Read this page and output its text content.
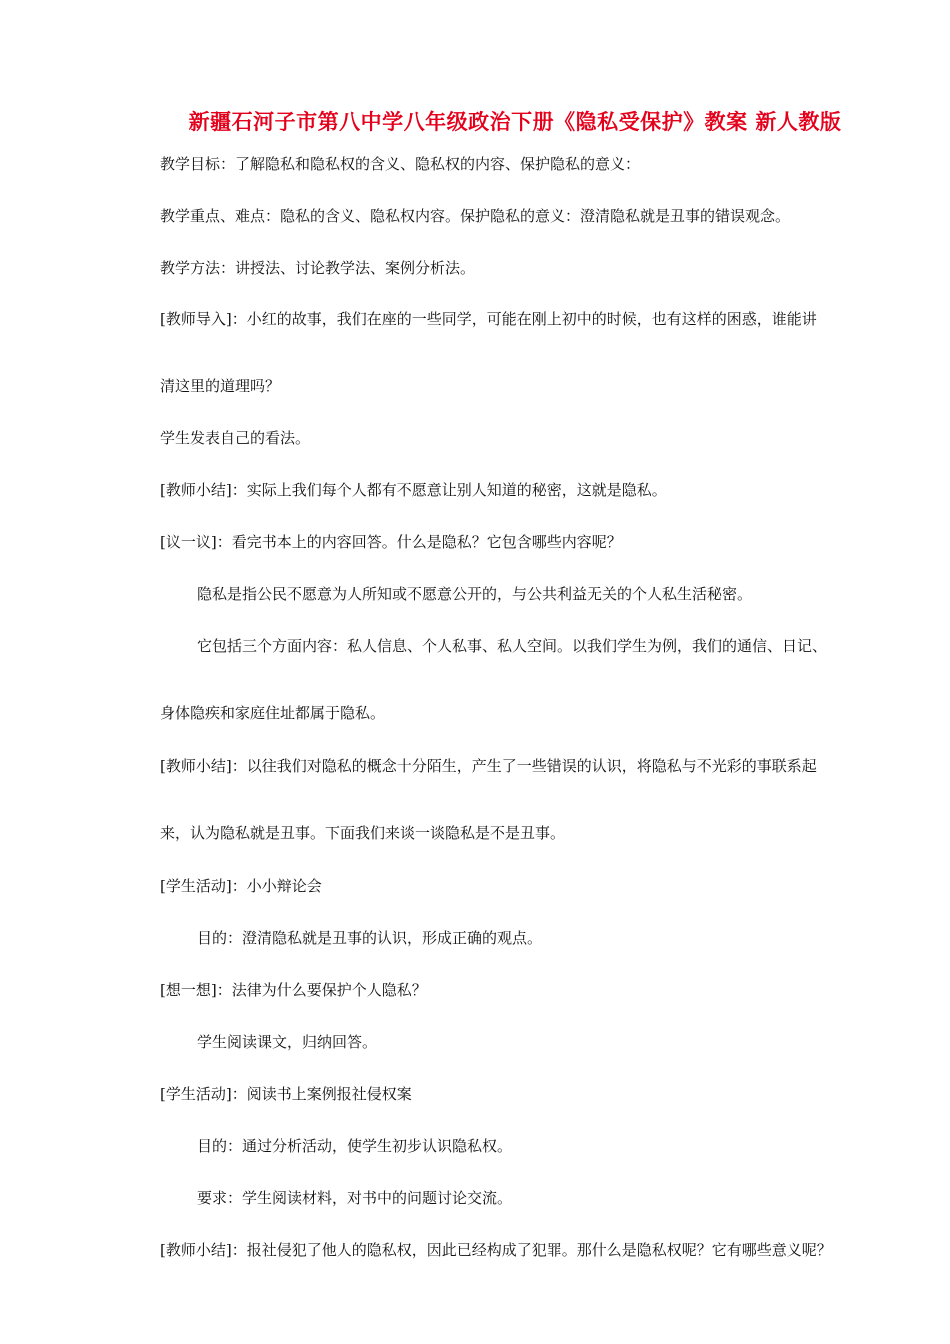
新疆石河子市第八中学八年级政治下册《隐私受保护》教案 新人教版
教学目标：了解隐私和隐私权的含义、隐私权的内容、保护隐私的意义：
教学重点、难点：隐私的含义、隐私权内容。保护隐私的意义：澄清隐私就是丑事的错误观念。
教学方法：讲授法、讨论教学法、案例分析法。
[教师导入]：小红的故事，我们在座的一些同学，可能在刚上初中的时候，也有这样的困惑，谁能讲
清这里的道理吗？
学生发表自己的看法。
[教师小结]：实际上我们每个人都有不愿意让别人知道的秘密，这就是隐私。
[议一议]：看完书本上的内容回答。什么是隐私？它包含哪些内容呢？
隐私是指公民不愿意为人所知或不愿意公开的，与公共利益无关的个人私生活秘密。
它包括三个方面内容：私人信息、个人私事、私人空间。以我们学生为例，我们的通信、日记、
身体隐疾和家庭住址都属于隐私。
[教师小结]：以往我们对隐私的概念十分陌生，产生了一些错误的认识，将隐私与不光彩的事联系起
来，认为隐私就是丑事。下面我们来谈一谈隐私是不是丑事。
[学生活动]：小小辩论会
目的：澄清隐私就是丑事的认识，形成正确的观点。
[想一想]：法律为什么要保护个人隐私？
学生阅读课文，归纳回答。
[学生活动]：阅读书上案例报社侵权案
目的：通过分析活动，使学生初步认识隐私权。
要求：学生阅读材料，对书中的问题讨论交流。
[教师小结]：报社侵犯了他人的隐私权，因此已经构成了犯罪。那什么是隐私权呢？它有哪些意义呢？
